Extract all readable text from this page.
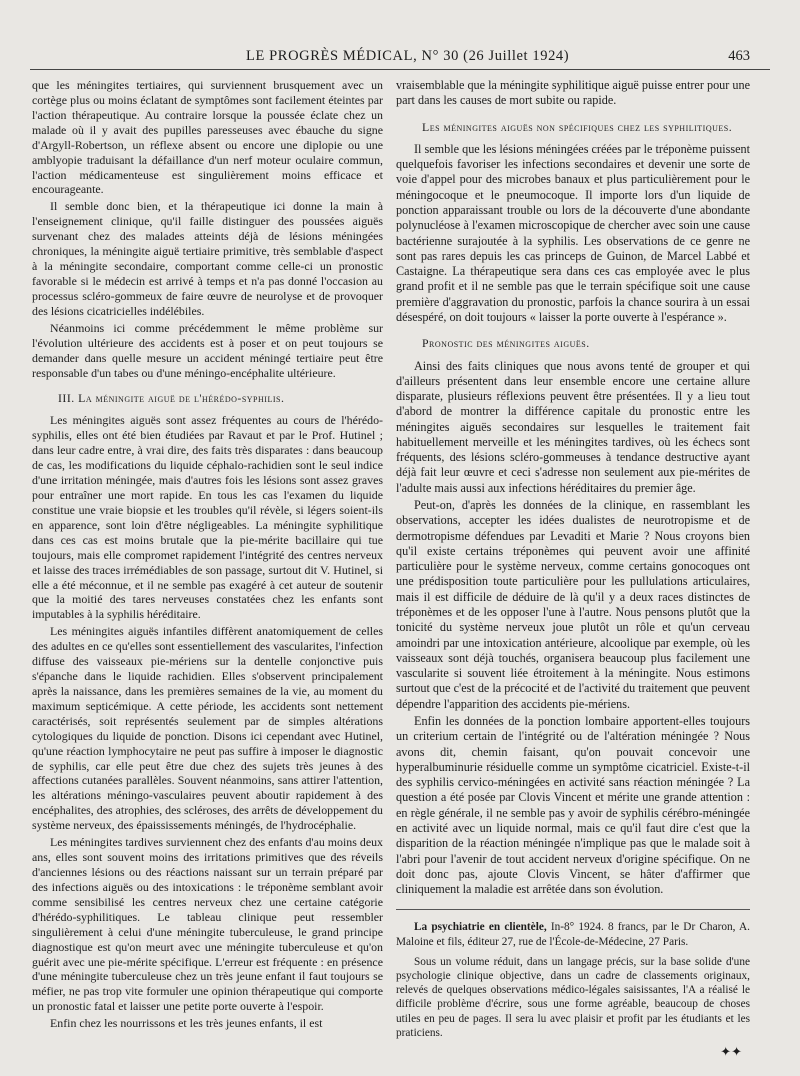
LE PROGRÈS MÉDICAL, N° 30 (26 Juillet 1924)	463

que les méningites tertiaires, qui surviennent brusquement avec un cortège plus ou moins éclatant de symptômes sont facilement éteintes par l'action thérapeutique. Au contraire lorsque la poussée éclate chez un malade où il y avait des pupilles paresseuses avec ébauche du signe d'Argyll-Robertson, un réflexe absent ou encore une diplopie ou une amblyopie traduisant la défaillance d'un nerf moteur oculaire commun, l'action médicamenteuse est singulièrement moins efficace et encourageante.

Il semble donc bien, et la thérapeutique ici donne la main à l'enseignement clinique, qu'il faille distinguer des poussées aiguës survenant chez des malades atteints déjà de lésions méningées chroniques, la méningite aiguë tertiaire primitive, très semblable d'aspect à la méningite secondaire, comportant comme celle-ci un pronostic favorable si le médecin est arrivé à temps et n'a pas donné l'occasion au processus scléro-gommeux de faire œuvre de neurolyse et de provoquer des lésions cicatricielles indélébiles.

Néanmoins ici comme précédemment le même problème sur l'évolution ultérieure des accidents est à poser et on peut toujours se demander dans quelle mesure un accident méningé tertiaire peut être responsable d'un tabes ou d'une méningo-encéphalite ultérieure.

III. La méningite aiguë de l'hérédo-syphilis.

Les méningites aiguës sont assez fréquentes au cours de l'hérédo-syphilis, elles ont été bien étudiées par Ravaut et par le Prof. Hutinel ; dans leur cadre entre, à vrai dire, des faits très disparates : dans beaucoup de cas, les modifications du liquide céphalo-rachidien sont le seul indice d'une irritation méningée, mais d'autres fois les lésions sont assez graves pour entraîner une mort rapide. En tous les cas l'examen du liquide constitue une vraie biopsie et les troubles qu'il révèle, si légers soient-ils en apparence, sont loin d'être négligeables. La méningite syphilitique dans ces cas est moins brutale que la pie-mérite bacillaire qui tue toujours, mais elle compromet rapidement l'intégrité des centres nerveux et laisse des traces irrémédiables de son passage, surtout dit V. Hutinel, si elle a été méconnue, et il ne semble pas exagéré à cet auteur de soutenir que la moitié des tares nerveuses constatées chez les enfants sont imputables à la syphilis héréditaire.

Les méningites aiguës infantiles diffèrent anatomiquement de celles des adultes en ce qu'elles sont essentiellement des vascularites, l'infection diffuse des vaisseaux pie-mériens sur la dentelle conjonctive puis s'épanche dans le liquide rachidien. Elles s'observent principalement après la naissance, dans les premières semaines de la vie, au moment du maximum septicémique. A cette période, les accidents sont nettement caractérisés, soit représentés seulement par de simples altérations cytologiques du liquide de ponction. Disons ici cependant avec Hutinel, qu'une réaction lymphocytaire ne peut pas suffire à imposer le diagnostic de syphilis, car elle peut être due chez des sujets très jeunes à des affections cutanées parallèles. Souvent néanmoins, sans attirer l'attention, les altérations méningo-vasculaires peuvent aboutir rapidement à des encéphalites, des atrophies, des scléroses, des arrêts de développement du système nerveux, des épaississements méningés, de l'hydrocéphalie.

Les méningites tardives surviennent chez des enfants d'au moins deux ans, elles sont souvent moins des irritations primitives que des réveils d'anciennes lésions ou des réactions naissant sur un terrain préparé par des infections aiguës ou des intoxications : le tréponème semblant avoir comme sensibilisé les centres nerveux chez une certaine catégorie d'hérédo-syphilitiques. Le tableau clinique peut ressembler singulièrement à celui d'une méningite tuberculeuse, le grand principe diagnostique est qu'on meurt avec une méningite tuberculeuse et qu'on guérit avec une pie-mérite spécifique. L'erreur est fréquente : en présence d'une méningite tuberculeuse chez un très jeune enfant il faut toujours se méfier, ne pas trop vite formuler une opinion thérapeutique qui comporte un pronostic fatal et laisser une petite porte ouverte à l'espoir.

Enfin chez les nourrissons et les très jeunes enfants, il est

vraisemblable que la méningite syphilitique aiguë puisse entrer pour une part dans les causes de mort subite ou rapide.

Les méningites aiguës non spécifiques chez les syphilitiques.

Il semble que les lésions méningées créées par le tréponème puissent quelquefois favoriser les infections secondaires et devenir une sorte de voie d'appel pour des microbes banaux et plus particulièrement pour le méningocoque et le pneumocoque. Il importe lors d'un liquide de ponction apparaissant trouble ou lors de la découverte d'une abondante polynucléose à l'examen microscopique de chercher avec soin une cause bactérienne surajoutée à la syphilis. Les observations de ce genre ne sont pas rares depuis les cas princeps de Guinon, de Marcel Labbé et Castaigne. La thérapeutique sera dans ces cas employée avec le plus grand profit et il ne semble pas que le terrain spécifique soit une cause première d'aggravation du pronostic, parfois la chance sourira à un essai désespéré, on doit toujours « laisser la porte ouverte à l'espérance ».

Pronostic des méningites aiguës.

Ainsi des faits cliniques que nous avons tenté de grouper et qui d'ailleurs présentent dans leur ensemble encore une certaine allure disparate, plusieurs réflexions peuvent être présentées. Il y a lieu tout d'abord de montrer la différence capitale du pronostic entre les méningites aiguës secondaires sur lesquelles le traitement fait habituellement merveille et les méningites tardives, où les échecs sont fréquents, des lésions scléro-gommeuses à tendance destructive ayant déjà fait leur œuvre et ceci s'adresse non seulement aux pie-mérites de l'adulte mais aussi aux infections héréditaires du premier âge.

Peut-on, d'après les données de la clinique, en rassemblant les observations, accepter les idées dualistes de neurotropisme et de dermotropisme défendues par Levaditi et Marie ? Nous croyons bien qu'il existe certains tréponèmes qui peuvent avoir une affinité particulière pour le système nerveux, comme certains gonocoques ont une prédisposition toute particulière pour les pullulations articulaires, mais il est difficile de déduire de là qu'il y a deux races distinctes de tréponèmes et de les opposer l'une à l'autre. Nous pensons plutôt que la tonicité du système nerveux joue plutôt un rôle et qu'un cerveau amoindri par une intoxication antérieure, alcoolique par exemple, où les vaisseaux sont déjà touchés, organisera beaucoup plus facilement une vascularite si souvent liée étroitement à la méningite. Nous estimons surtout que c'est de la précocité et de l'activité du traitement que peuvent dépendre l'apparition des accidents pie-mériens.

Enfin les données de la ponction lombaire apportent-elles toujours un criterium certain de l'intégrité ou de l'altération méningée ? Nous avons dit, chemin faisant, qu'on pouvait concevoir une hyperalbuminurie résiduelle comme un symptôme cicatriciel. Existe-t-il des syphilis cervico-méningées en activité sans réaction méningée ? La question a été posée par Clovis Vincent et mérite une grande attention : en règle générale, il ne semble pas y avoir de syphilis cérébro-méningée en activité avec un liquide normal, mais ce qu'il faut dire c'est que la disparition de la réaction méningée n'implique pas que le malade soit à l'abri pour l'avenir de tout accident nerveux d'origine spécifique. On ne doit donc pas, ajoute Clovis Vincent, se hâter d'affirmer que cliniquement la maladie est arrêtée dans son évolution.

La psychiatrie en clientèle, In-8° 1924. 8 francs, par le Dr Charon, A. Maloine et fils, éditeur 27, rue de l'École-de-Médecine, 27 Paris.

Sous un volume réduit, dans un langage précis, sur la base solide d'une psychologie clinique objective, dans un cadre de classements originaux, relevés de quelques observations médico-légales saisissantes, l'A a réalisé le difficile problème d'écrire, sous une forme agréable, beaucoup de choses utiles en peu de pages. Il sera lu avec plaisir et profit par les étudiants et les praticiens.

✦✦
